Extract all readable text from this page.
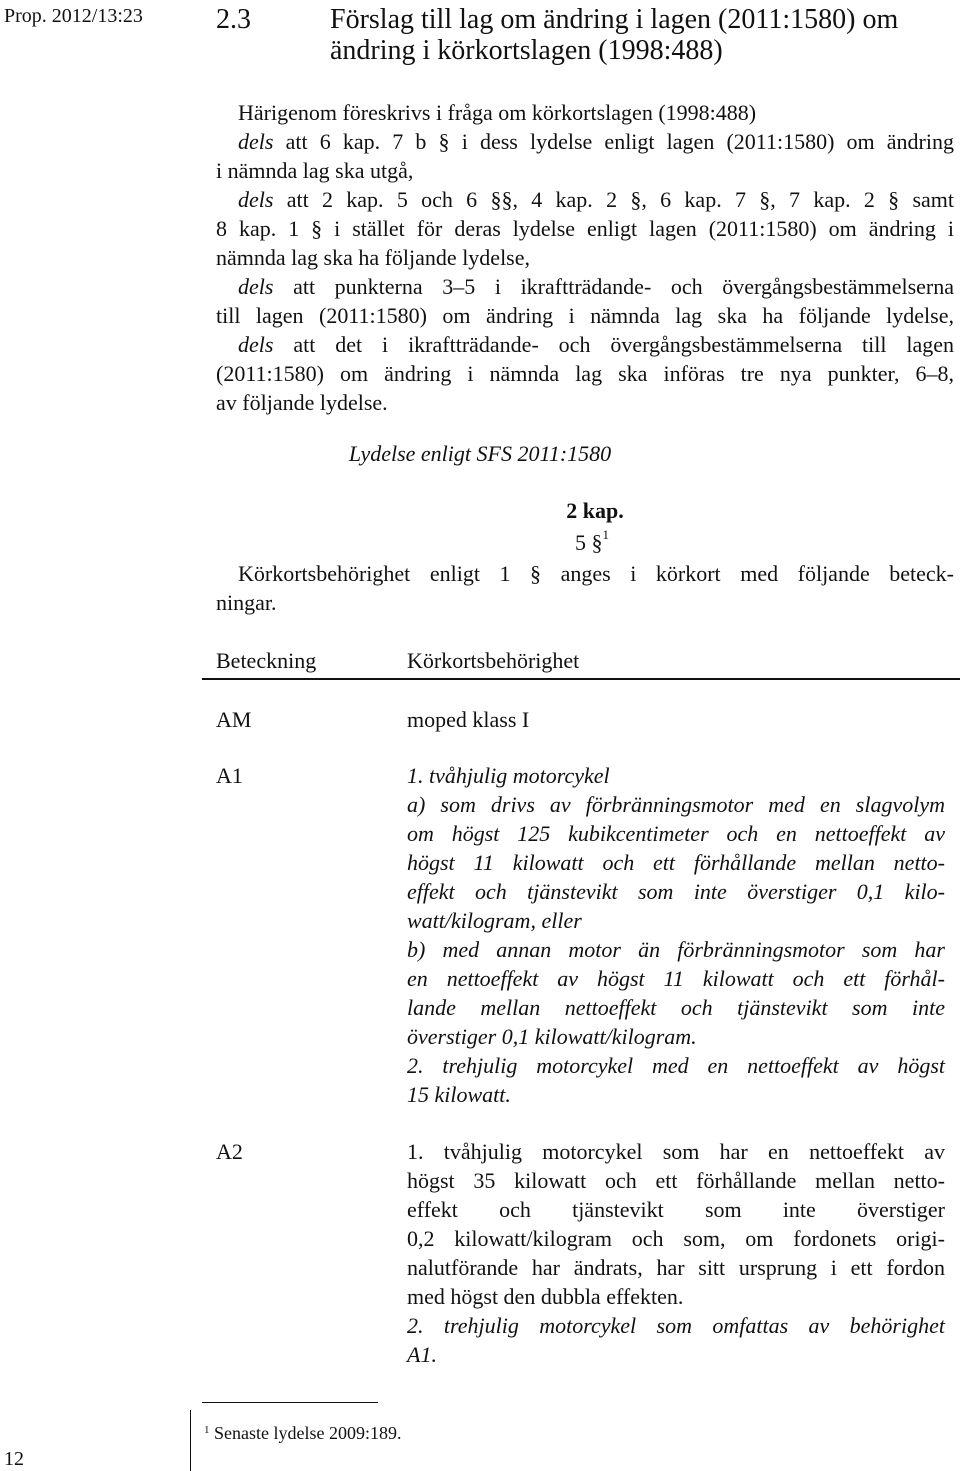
Prop. 2012/13:23	2.3	Förslag till lag om ändring i lagen (2011:1580) om ändring i körkortslagen (1998:488)
Härigenom föreskrivs i fråga om körkortslagen (1998:488)
dels att 6 kap. 7 b § i dess lydelse enligt lagen (2011:1580) om ändring
i nämnda lag ska utgå,
dels att 2 kap. 5 och 6 §§, 4 kap. 2 §, 6 kap. 7 §, 7 kap. 2 § samt
8 kap. 1 § i stället för deras lydelse enligt lagen (2011:1580) om ändring i
nämnda lag ska ha följande lydelse,
dels att punkterna 3–5 i ikraftträdande- och övergångsbestämmelserna
till lagen (2011:1580) om ändring i nämnda lag ska ha följande lydelse,
dels att det i ikraftträdande- och övergångsbestämmelserna till lagen
(2011:1580) om ändring i nämnda lag ska införas tre nya punkter, 6–8,
av följande lydelse.
Lydelse enligt SFS 2011:1580
2 kap.
5 §$^1$
Körkortsbehörighet enligt 1 § anges i körkort med följande beteck-
ningar.
Beteckning	Körkortsbehörighet
AM	moped klass I
A1	1. tvåhjulig motorcykel
a) som drivs av förbränningsmotor med en slagvolym
om högst 125 kubikcentimeter och en nettoeffekt av
högst 11 kilowatt och ett förhållande mellan netto-
effekt och tjänstevikt som inte överstiger 0,1 kilo-
watt/kilogram, eller
b) med annan motor än förbränningsmotor som har
en nettoeffekt av högst 11 kilowatt och ett förhål-
lande mellan nettoeffekt och tjänstevikt som inte
överstiger 0,1 kilowatt/kilogram.
2. trehjulig motorcykel med en nettoeffekt av högst
15 kilowatt.
A2	1. tvåhjulig motorcykel som har en nettoeffekt av
högst 35 kilowatt och ett förhållande mellan netto-
effekt och tjänstevikt som inte överstiger
0,2 kilowatt/kilogram och som, om fordonets origi-
nalutförande har ändrats, har sitt ursprung i ett fordon
med högst den dubbla effekten.
2. trehjulig motorcykel som omfattas av behörighet
A1.
$^1$ Senaste lydelse 2009:189.
12
